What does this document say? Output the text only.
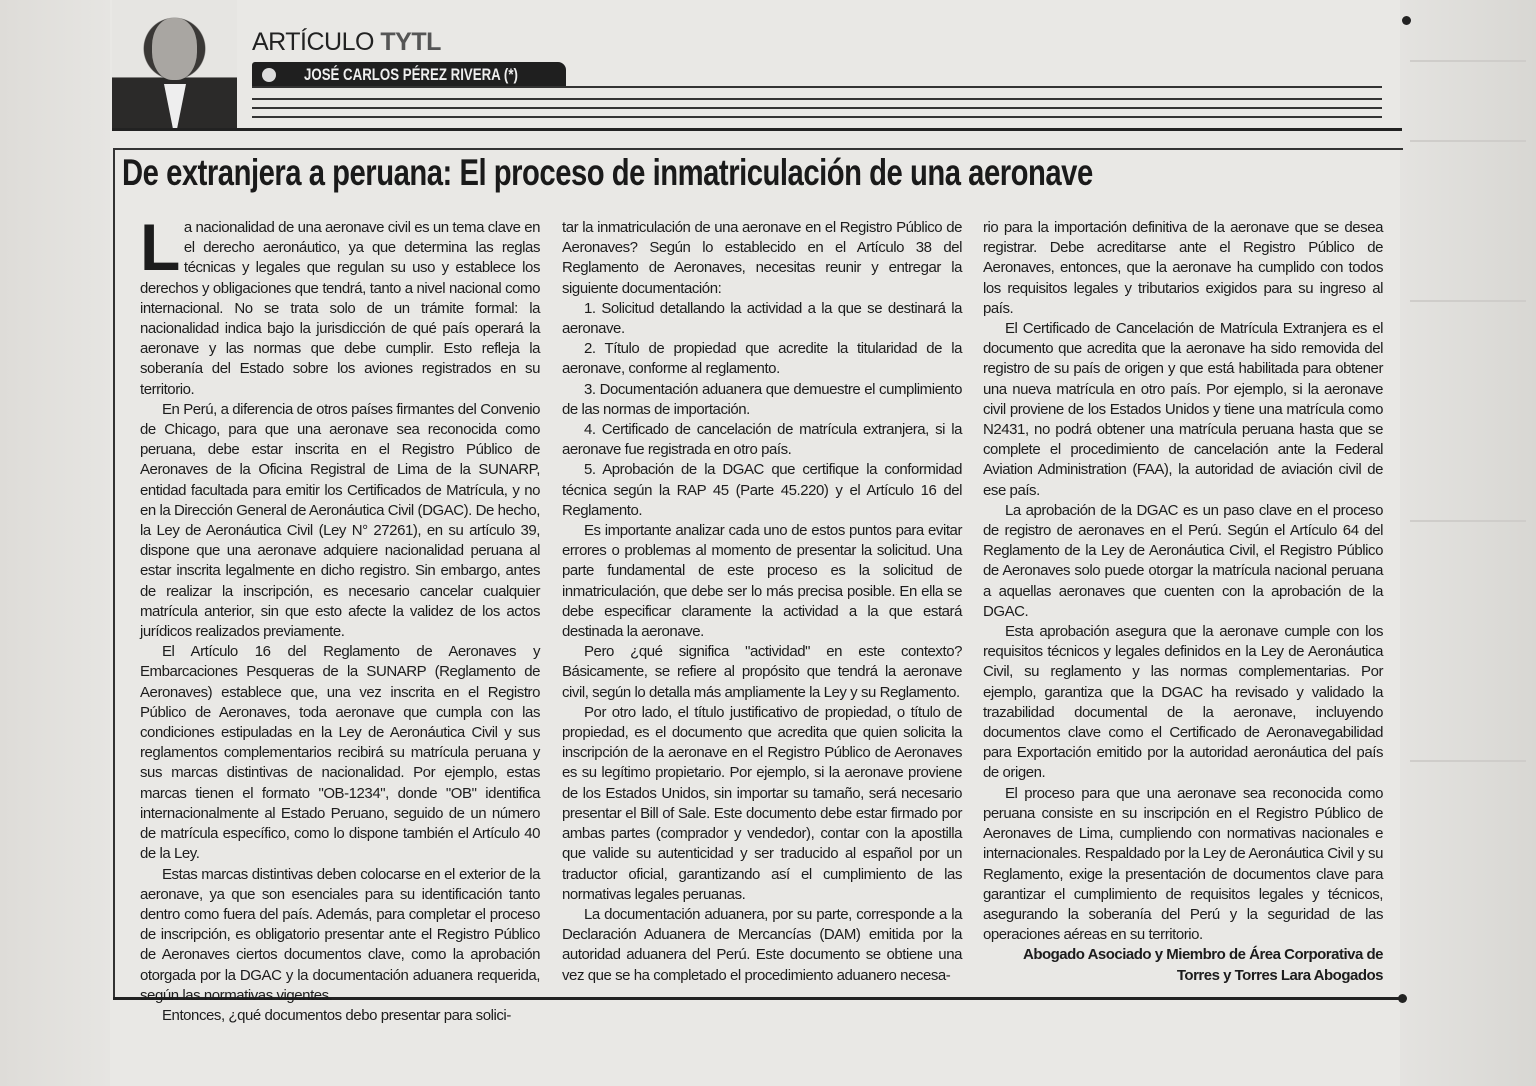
ARTÍCULO TYTL
JOSÉ CARLOS PÉREZ RIVERA (*)
De extranjera a peruana: El proceso de inmatriculación de una aeronave
L a nacionalidad de una aeronave civil es un tema clave en el derecho aeronáutico, ya que determina las reglas técnicas y legales que regulan su uso y establece los derechos y obligaciones que tendrá, tanto a nivel nacional como internacional. No se trata solo de un trámite formal: la nacionalidad indica bajo la jurisdicción de qué país operará la aeronave y las normas que debe cumplir. Esto refleja la soberanía del Estado sobre los aviones registrados en su territorio.

En Perú, a diferencia de otros países firmantes del Convenio de Chicago, para que una aeronave sea reconocida como peruana, debe estar inscrita en el Registro Público de Aeronaves de la Oficina Registral de Lima de la SUNARP, entidad facultada para emitir los Certificados de Matrícula, y no en la Dirección General de Aeronáutica Civil (DGAC). De hecho, la Ley de Aeronáutica Civil (Ley N° 27261), en su artículo 39, dispone que una aeronave adquiere nacionalidad peruana al estar inscrita legalmente en dicho registro. Sin embargo, antes de realizar la inscripción, es necesario cancelar cualquier matrícula anterior, sin que esto afecte la validez de los actos jurídicos realizados previamente.

El Artículo 16 del Reglamento de Aeronaves y Embarcaciones Pesqueras de la SUNARP (Reglamento de Aeronaves) establece que, una vez inscrita en el Registro Público de Aeronaves, toda aeronave que cumpla con las condiciones estipuladas en la Ley de Aeronáutica Civil y sus reglamentos complementarios recibirá su matrícula peruana y sus marcas distintivas de nacionalidad. Por ejemplo, estas marcas tienen el formato "OB-1234", donde "OB" identifica internacionalmente al Estado Peruano, seguido de un número de matrícula específico, como lo dispone también el Artículo 40 de la Ley.

Estas marcas distintivas deben colocarse en el exterior de la aeronave, ya que son esenciales para su identificación tanto dentro como fuera del país. Además, para completar el proceso de inscripción, es obligatorio presentar ante el Registro Público de Aeronaves ciertos documentos clave, como la aprobación otorgada por la DGAC y la documentación aduanera requerida, según las normativas vigentes.

Entonces, ¿qué documentos debo presentar para solici-

tar la inmatriculación de una aeronave en el Registro Público de Aeronaves? Según lo establecido en el Artículo 38 del Reglamento de Aeronaves, necesitas reunir y entregar la siguiente documentación:

1. Solicitud detallando la actividad a la que se destinará la aeronave.

2. Título de propiedad que acredite la titularidad de la aeronave, conforme al reglamento.

3. Documentación aduanera que demuestre el cumplimiento de las normas de importación.

4. Certificado de cancelación de matrícula extranjera, si la aeronave fue registrada en otro país.

5. Aprobación de la DGAC que certifique la conformidad técnica según la RAP 45 (Parte 45.220) y el Artículo 16 del Reglamento.

Es importante analizar cada uno de estos puntos para evitar errores o problemas al momento de presentar la solicitud. Una parte fundamental de este proceso es la solicitud de inmatriculación, que debe ser lo más precisa posible. En ella se debe especificar claramente la actividad a la que estará destinada la aeronave.

Pero ¿qué significa "actividad" en este contexto? Básicamente, se refiere al propósito que tendrá la aeronave civil, según lo detalla más ampliamente la Ley y su Reglamento.

Por otro lado, el título justificativo de propiedad, o título de propiedad, es el documento que acredita que quien solicita la inscripción de la aeronave en el Registro Público de Aeronaves es su legítimo propietario. Por ejemplo, si la aeronave proviene de los Estados Unidos, sin importar su tamaño, será necesario presentar el Bill of Sale. Este documento debe estar firmado por ambas partes (comprador y vendedor), contar con la apostilla que valide su autenticidad y ser traducido al español por un traductor oficial, garantizando así el cumplimiento de las normativas legales peruanas.

La documentación aduanera, por su parte, corresponde a la Declaración Aduanera de Mercancías (DAM) emitida por la autoridad aduanera del Perú. Este documento se obtiene una vez que se ha completado el procedimiento aduanero necesa-

rio para la importación definitiva de la aeronave que se desea registrar. Debe acreditarse ante el Registro Público de Aeronaves, entonces, que la aeronave ha cumplido con todos los requisitos legales y tributarios exigidos para su ingreso al país.

El Certificado de Cancelación de Matrícula Extranjera es el documento que acredita que la aeronave ha sido removida del registro de su país de origen y que está habilitada para obtener una nueva matrícula en otro país. Por ejemplo, si la aeronave civil proviene de los Estados Unidos y tiene una matrícula como N2431, no podrá obtener una matrícula peruana hasta que se complete el procedimiento de cancelación ante la Federal Aviation Administration (FAA), la autoridad de aviación civil de ese país.

La aprobación de la DGAC es un paso clave en el proceso de registro de aeronaves en el Perú. Según el Artículo 64 del Reglamento de la Ley de Aeronáutica Civil, el Registro Público de Aeronaves solo puede otorgar la matrícula nacional peruana a aquellas aeronaves que cuenten con la aprobación de la DGAC.

Esta aprobación asegura que la aeronave cumple con los requisitos técnicos y legales definidos en la Ley de Aeronáutica Civil, su reglamento y las normas complementarias. Por ejemplo, garantiza que la DGAC ha revisado y validado la trazabilidad documental de la aeronave, incluyendo documentos clave como el Certificado de Aeronavegabilidad para Exportación emitido por la autoridad aeronáutica del país de origen.

El proceso para que una aeronave sea reconocida como peruana consiste en su inscripción en el Registro Público de Aeronaves de Lima, cumpliendo con normativas nacionales e internacionales. Respaldado por la Ley de Aeronáutica Civil y su Reglamento, exige la presentación de documentos clave para garantizar el cumplimiento de requisitos legales y técnicos, asegurando la soberanía del Perú y la seguridad de las operaciones aéreas en su territorio.

Abogado Asociado y Miembro de Área Corporativa de
Torres y Torres Lara Abogados
